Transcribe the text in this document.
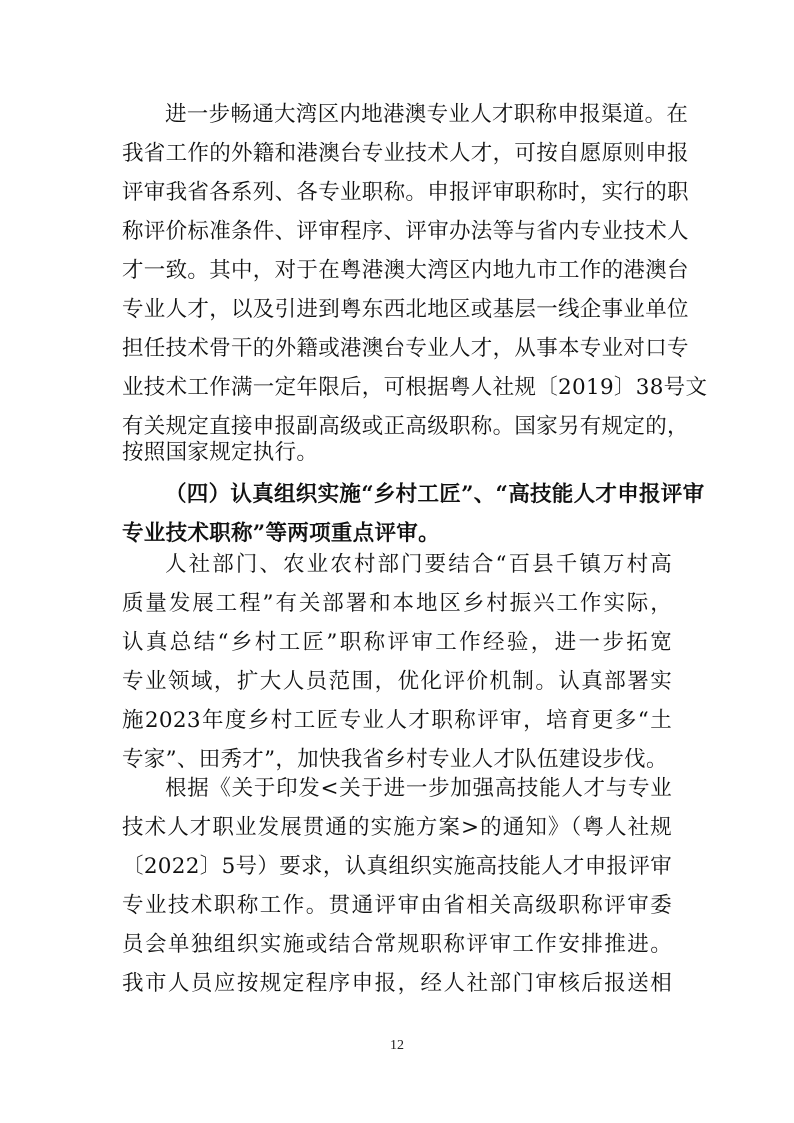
进一步畅通大湾区内地港澳专业人才职称申报渠道。在
我省工作的外籍和港澳台专业技术人才，可按自愿原则申报
评审我省各系列、各专业职称。申报评审职称时，实行的职
称评价标准条件、评审程序、评审办法等与省内专业技术人
才一致。其中，对于在粤港澳大湾区内地九市工作的港澳台
专业人才，以及引进到粤东西北地区或基层一线企事业单位
担任技术骨干的外籍或港澳台专业人才，从事本专业对口专
业技术工作满一定年限后，可根据粤人社规〔2019〕38号文
有关规定直接申报副高级或正高级职称。国家另有规定的，
按照国家规定执行。
（四）认真组织实施“乡村工匠”、“高技能人才申报评审
专业技术职称”等两项重点评审。
人社部门、农业农村部门要结合“百县千镇万村高
质量发展工程”有关部署和本地区乡村振兴工作实际，
认真总结“乡村工匠”职称评审工作经验，进一步拓宽
专业领域，扩大人员范围，优化评价机制。认真部署实
施2023年度乡村工匠专业人才职称评审，培育更多“土
专家”、田秀才”，加快我省乡村专业人才队伍建设步伐。
根据《关于印发<关于进一步加强高技能人才与专业
技术人才职业发展贯通的实施方案>的通知》（粤人社规
〔2022〕5号）要求，认真组织实施高技能人才申报评审
专业技术职称工作。贯通评审由省相关高级职称评审委
员会单独组织实施或结合常规职称评审工作安排推进。
我市人员应按规定程序申报，经人社部门审核后报送相
12
